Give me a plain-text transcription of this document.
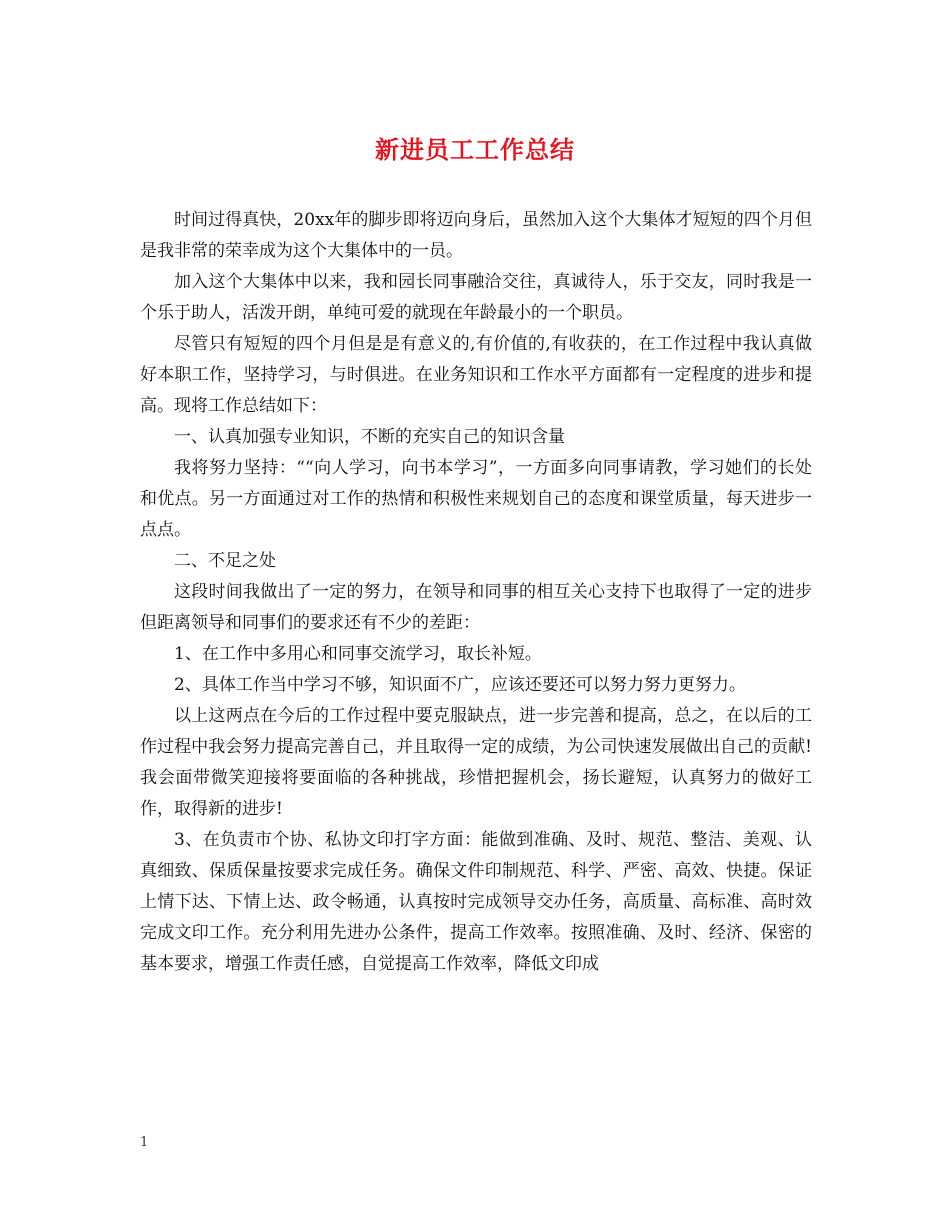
新进员工工作总结

时间过得真快，20xx年的脚步即将迈向身后，虽然加入这个大集体才短短的四个月但是我非常的荣幸成为这个大集体中的一员。

加入这个大集体中以来，我和园长同事融洽交往，真诚待人，乐于交友，同时我是一个乐于助人，活泼开朗，单纯可爱的就现在年龄最小的一个职员。

尽管只有短短的四个月但是是有意义的,有价值的,有收获的，在工作过程中我认真做好本职工作，坚持学习，与时俱进。在业务知识和工作水平方面都有一定程度的进步和提高。现将工作总结如下：

一、认真加强专业知识，不断的充实自己的知识含量

我将努力坚持：““向人学习，向书本学习”，一方面多向同事请教，学习她们的长处和优点。另一方面通过对工作的热情和积极性来规划自己的态度和课堂质量，每天进步一点点。

二、不足之处

这段时间我做出了一定的努力，在领导和同事的相互关心支持下也取得了一定的进步但距离领导和同事们的要求还有不少的差距：

1、在工作中多用心和同事交流学习，取长补短。

2、具体工作当中学习不够，知识面不广，应该还要还可以努力努力更努力。

以上这两点在今后的工作过程中要克服缺点，进一步完善和提高，总之，在以后的工作过程中我会努力提高完善自己，并且取得一定的成绩，为公司快速发展做出自己的贡献!我会面带微笑迎接将要面临的各种挑战，珍惜把握机会，扬长避短，认真努力的做好工作，取得新的进步!

3、在负责市个协、私协文印打字方面：能做到准确、及时、规范、整洁、美观、认真细致、保质保量按要求完成任务。确保文件印制规范、科学、严密、高效、快捷。保证上情下达、下情上达、政令畅通，认真按时完成领导交办任务，高质量、高标准、高时效完成文印工作。充分利用先进办公条件，提高工作效率。按照准确、及时、经济、保密的基本要求，增强工作责任感，自觉提高工作效率，降低文印成

1
